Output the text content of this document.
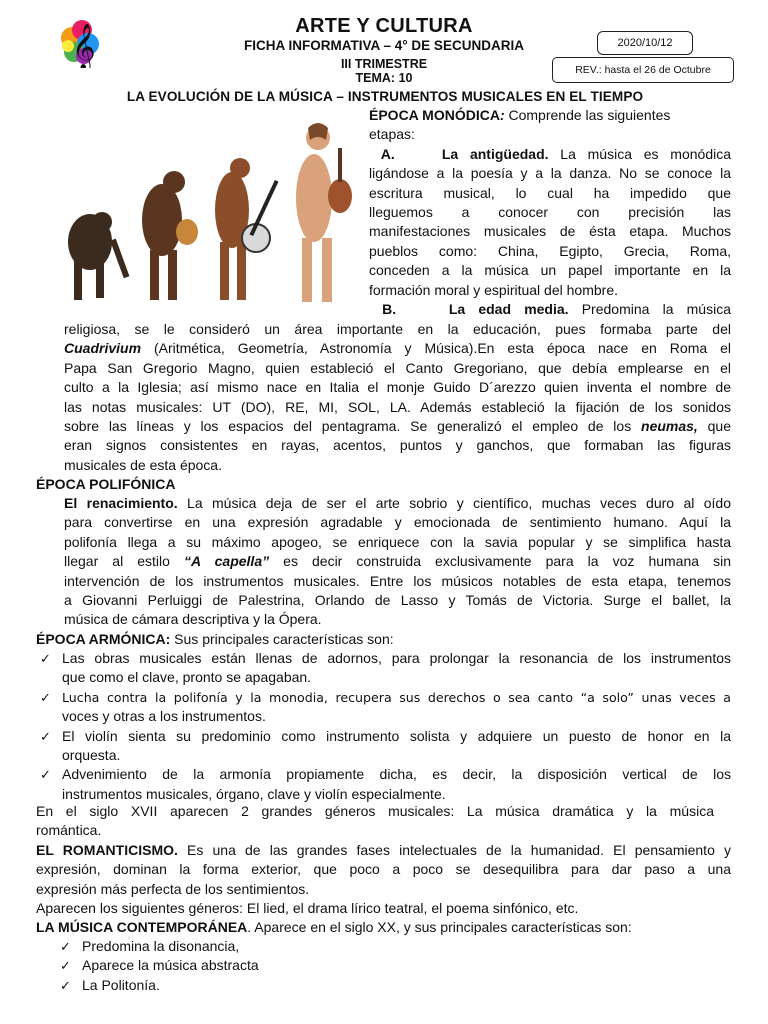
𝄞	ARTE Y CULTURA
FICHA INFORMATIVA – 4° DE SECUNDARIA
III TRIMESTRE
TEMA: 10
2020/10/12
REV.: hasta el 26 de Octubre
LA EVOLUCIÓN DE LA MÚSICA – INSTRUMENTOS MUSICALES EN EL TIEMPO
ÉPOCA MONÓDICA: Comprende las siguientes
etapas:
A.	La antigüedad. La música es monódica
ligándose a la poesía y a la danza. No se conoce la
escritura musical, lo cual ha impedido que
lleguemos a conocer con precisión las
manifestaciones musicales de ésta etapa. Muchos
pueblos como: China, Egipto, Grecia, Roma,
conceden a la música un papel importante en la
formación moral y espiritual del hombre.
B.	La edad media. Predomina la música
religiosa, se le consideró un área importante en la educación, pues formaba parte del
Cuadrivium (Aritmética, Geometría, Astronomía y Música).En esta época nace en Roma el
Papa San Gregorio Magno, quien estableció el Canto Gregoriano, que debía emplearse en el
culto a la Iglesia; así mismo nace en Italia el monje Guido D´arezzo quien inventa el nombre de
las notas musicales: UT (DO), RE, MI, SOL, LA. Además estableció la fijación de los sonidos
sobre las líneas y los espacios del pentagrama. Se generalizó el empleo de los neumas, que
eran signos consistentes en rayas, acentos, puntos y ganchos, que formaban las figuras
musicales de esta época.
ÉPOCA POLIFÓNICA
El renacimiento. La música deja de ser el arte sobrio y científico, muchas veces duro al oído
para convertirse en una expresión agradable y emocionada de sentimiento humano. Aquí la
polifonía llega a su máximo apogeo, se enriquece con la savia popular y se simplifica hasta
llegar al estilo “A capella” es decir construida exclusivamente para la voz humana sin
intervención de los instrumentos musicales. Entre los músicos notables de esta etapa, tenemos
a Giovanni Perluiggi de Palestrina, Orlando de Lasso y Tomás de Victoria. Surge el ballet, la
música de cámara descriptiva y la Ópera.
ÉPOCA ARMÓNICA: Sus principales características son:
✓ Las obras musicales están llenas de adornos, para prolongar la resonancia de los instrumentos
que como el clave, pronto se apagaban.
✓ Lucha contra la polifonía y la monodia, recupera sus derechos o sea canto “a solo” unas veces a
voces y otras a los instrumentos.
✓ El violín sienta su predominio como instrumento solista y adquiere un puesto de honor en la
orquesta.
✓ Advenimiento de la armonía propiamente dicha, es decir, la disposición vertical de los
instrumentos musicales, órgano, clave y violín especialmente.
En el siglo XVII aparecen 2 grandes géneros musicales: La música dramática y la música
romántica.
EL ROMANTICISMO. Es una de las grandes fases intelectuales de la humanidad. El pensamiento y
expresión, dominan la forma exterior, que poco a poco se desequilibra para dar paso a una
expresión más perfecta de los sentimientos.
Aparecen los siguientes géneros: El lied, el drama lírico teatral, el poema sinfónico, etc.
LA MÚSICA CONTEMPORÁNEA. Aparece en el siglo XX, y sus principales características son:
✓ Predomina la disonancia,
✓ Aparece la música abstracta
✓ La Politonía.
